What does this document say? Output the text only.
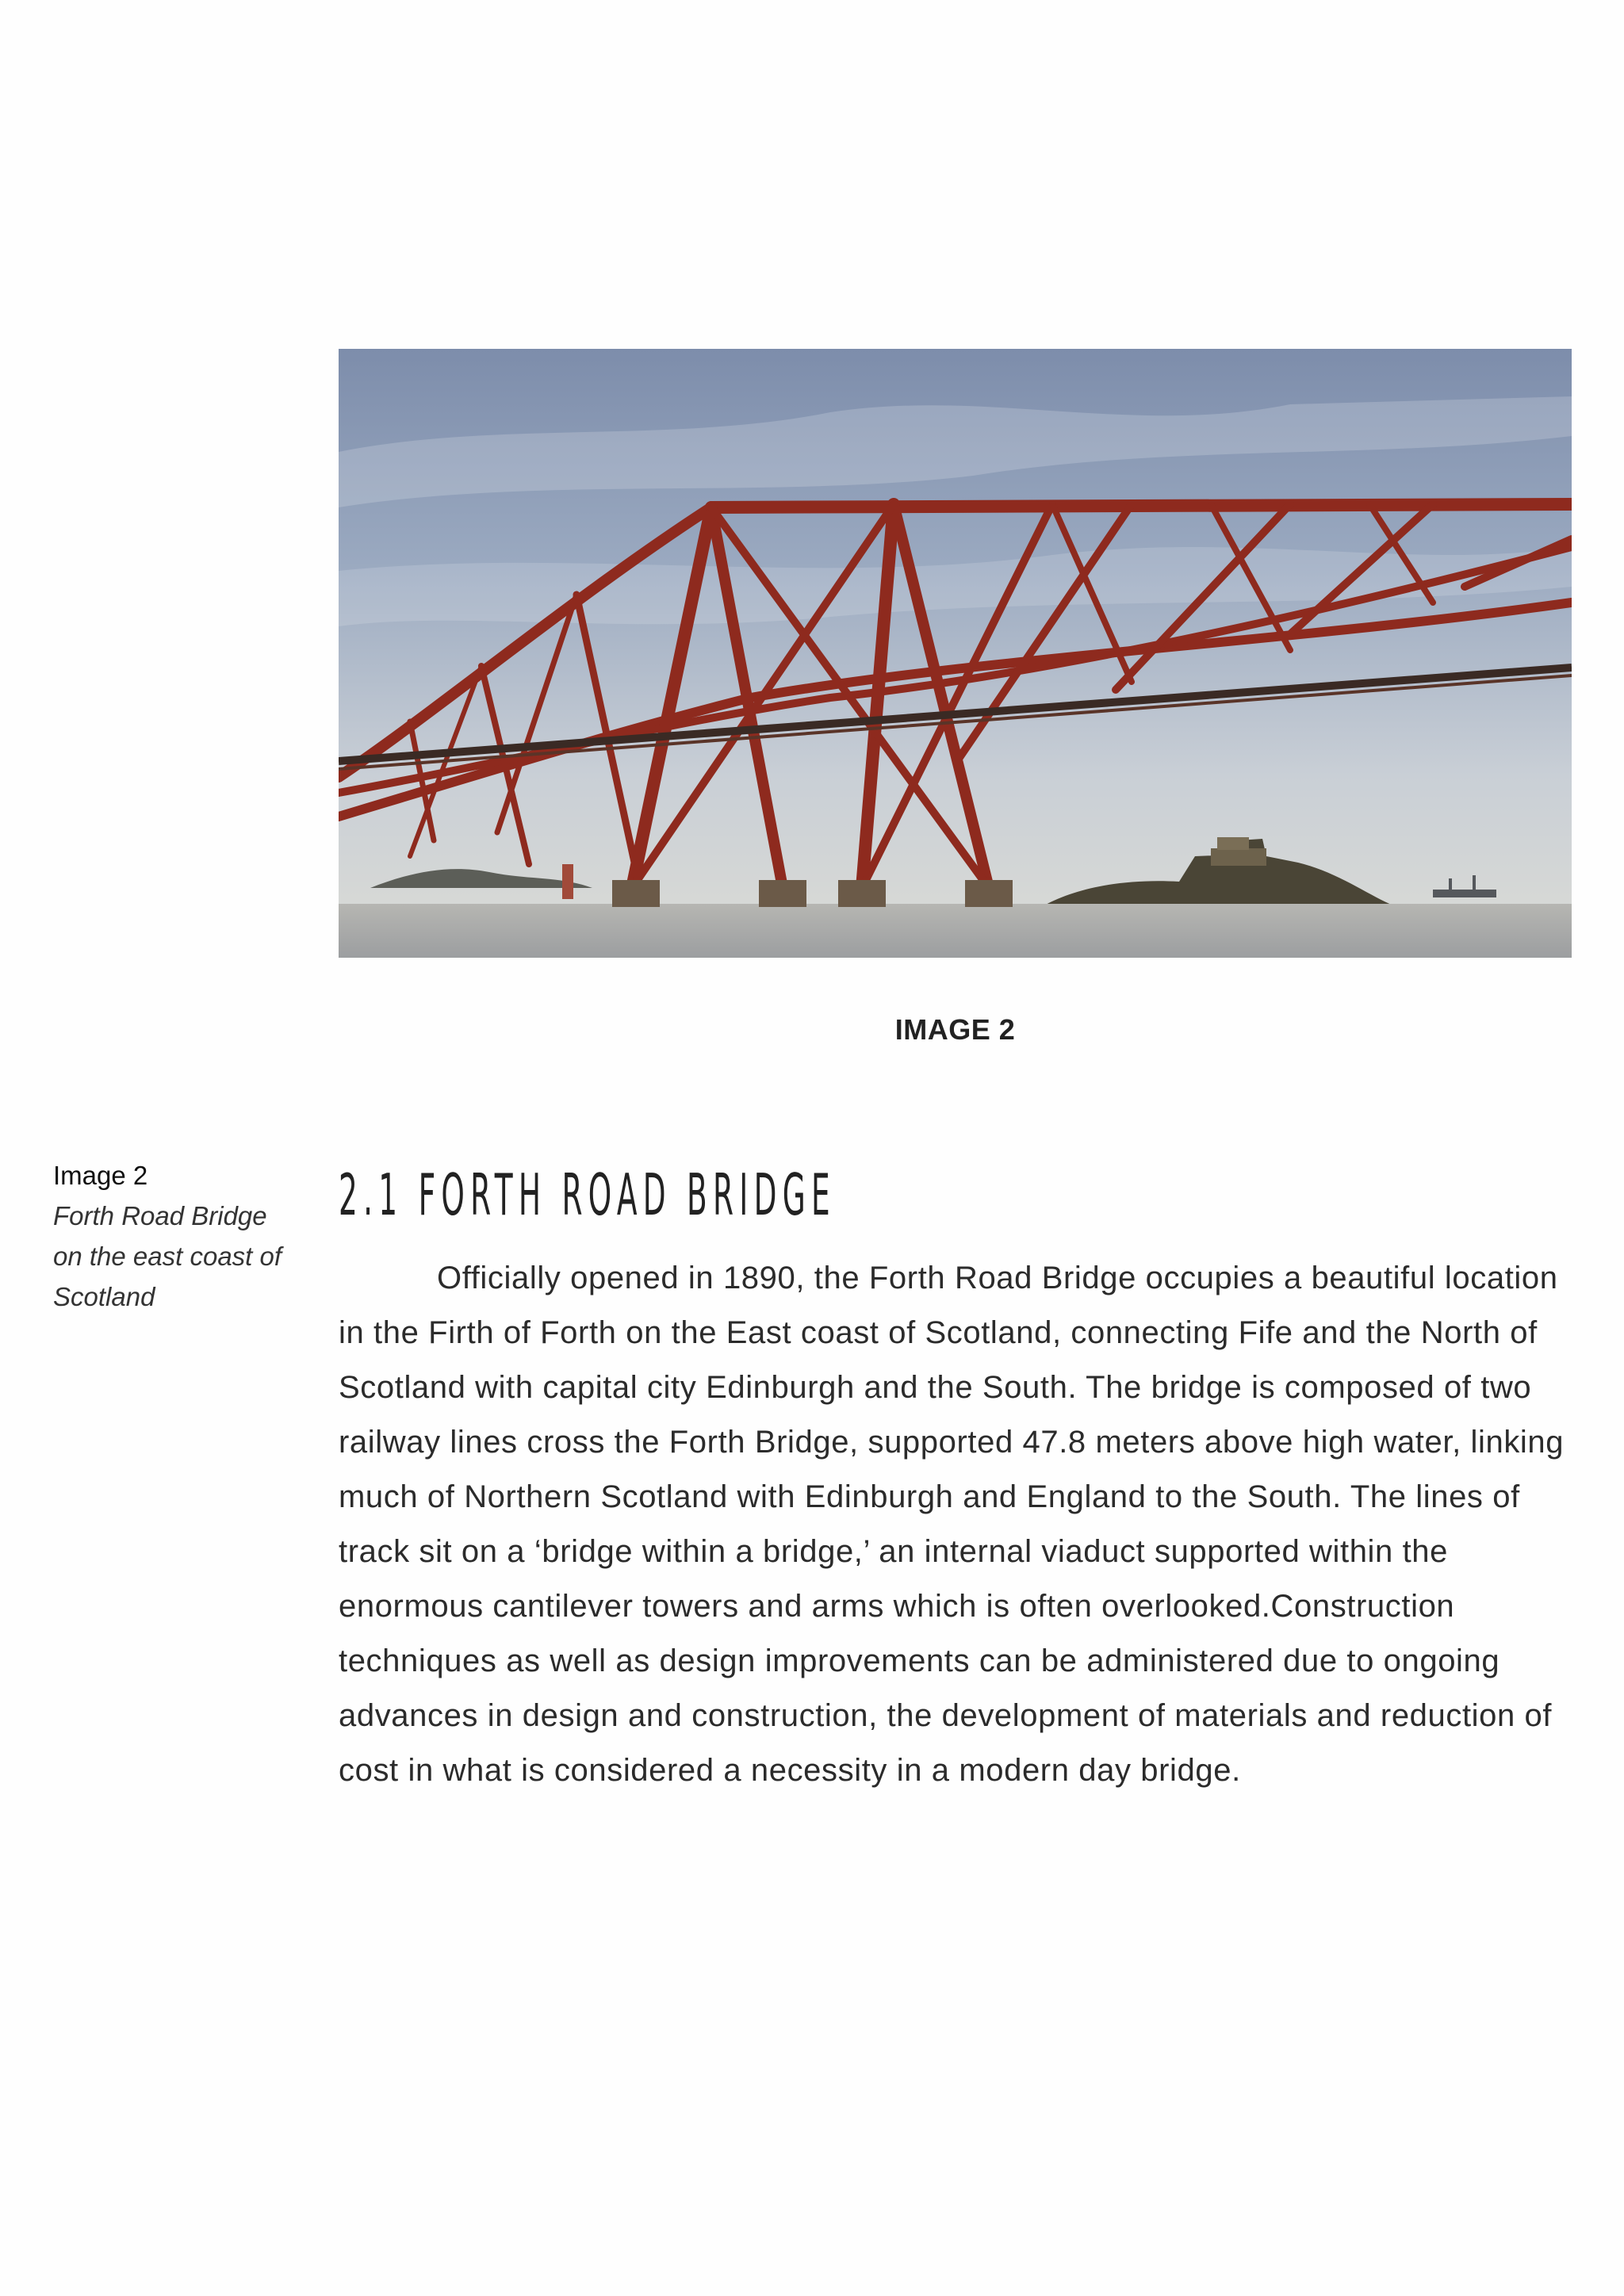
IMAGE 2
Image 2
Forth Road Bridge
on the east coast of
Scotland
2.1 FORTH ROAD BRIDGE

Officially opened in 1890, the Forth Road Bridge occupies a beautiful location in the Firth of Forth on the East coast of Scotland, connecting Fife and the North of Scotland with capital city Edinburgh and the South. The bridge is composed of two railway lines cross the Forth Bridge, supported 47.8 meters above high water, linking much of Northern Scotland with Edinburgh and England to the South. The lines of track sit on a ‘bridge within a bridge,’ an internal viaduct supported within the enormous cantilever towers and arms which is often overlooked.Construction techniques as well as design improvements can be administered due to ongoing advances in design and construction, the development of materials and reduction of cost in what is considered a necessity in a modern day bridge.
